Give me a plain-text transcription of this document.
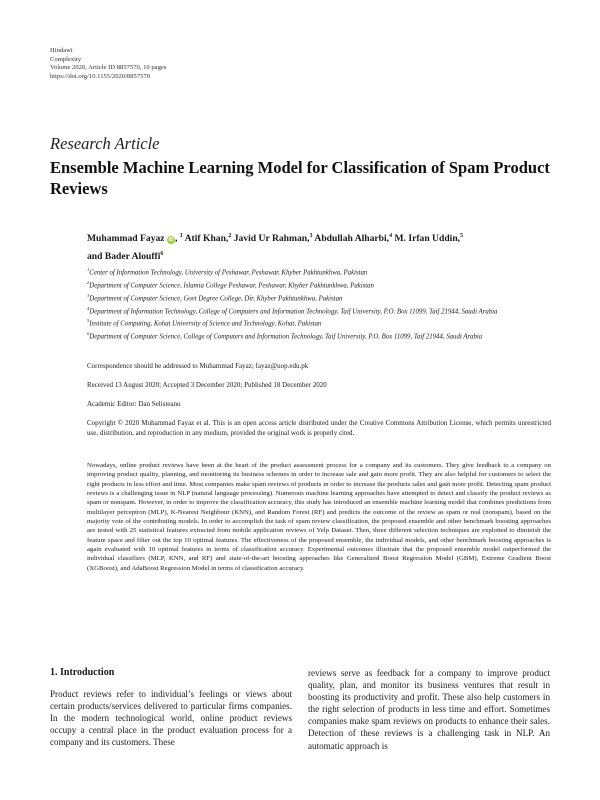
Hindawi
Complexity
Volume 2020, Article ID 8857570, 10 pages
https://doi.org/10.1155/2020/8857570
Research Article
Ensemble Machine Learning Model for Classification of Spam Product Reviews
Muhammad Fayaz iD , $^1$ Atif Khan,$^2$ Javid Ur Rahman,$^3$ Abdullah Alharbi,$^4$ M. Irfan Uddin,$^5$
and Bader Alouffi$^6$
$^1$Center of Information Technology, University of Peshawar, Peshawar, Khyber Pakhtunkhwa, Pakistan
$^2$Department of Computer Science, Islamia College Peshawar, Peshawar, Khyber Pakhtunkhwa, Pakistan
$^3$Department of Computer Science, Govt Degree College, Dir, Khyber Pakhtunkhwa, Pakistan
$^4$Department of Information Technology, College of Computers and Information Technology, Taif University, P.O. Box 11099, Taif 21944, Saudi Arabia
$^5$Institute of Computing, Kohat University of Science and Technology, Kohat, Pakistan
$^6$Department of Computer Science, College of Computers and Information Technology, Taif University, P.O. Box 11099, Taif 21944, Saudi Arabia
Correspondence should be addressed to Muhammad Fayaz; fayaz@uop.edu.pk
Received 13 August 2020; Accepted 3 December 2020; Published 18 December 2020
Academic Editor: Dan Selisteanu
Copyright © 2020 Muhammad Fayaz et al. This is an open access article distributed under the Creative Commons Attribution License, which permits unrestricted use, distribution, and reproduction in any medium, provided the original work is properly cited.
Nowadays, online product reviews have been at the heart of the product assessment process for a company and its customers. They give feedback to a company on improving product quality, planning, and monitoring its business schemes in order to increase sale and gain more profit. They are also helpful for customers to select the right products in less effort and time. Most companies make spam reviews of products in order to increase the products sales and gain more profit. Detecting spam product reviews is a challenging issue in NLP (natural language processing). Numerous machine learning approaches have attempted to detect and classify the product reviews as spam or nonspam. However, in order to improve the classification accuracy, this study has introduced an ensemble machine learning model that combines predictions from multilayer perceptron (MLP), K-Nearest Neighbour (KNN), and Random Forest (RF) and predicts the outcome of the review as spam or real (nonspam), based on the majority vote of the contributing models. In order to accomplish the task of spam review classification, the proposed ensemble and other benchmark boosting approaches are tested with 25 statistical features extracted from mobile application reviews of Yelp Dataset. Then, three different selection techniques are exploited to diminish the feature space and filter out the top 10 optimal features. The effectiveness of the proposed ensemble, the individual models, and other benchmark boosting approaches is again evaluated with 10 optimal features in terms of classification accuracy. Experimental outcomes illustrate that the proposed ensemble model outperformed the individual classifiers (MLP, KNN, and RF) and state-of-the-art boosting approaches like Generalized Boost Regression Model (GBM), Extreme Gradient Boost (XGBoost), and AdaBoost Regression Model in terms of classification accuracy.
1. Introduction
Product reviews refer to individual’s feelings or views about certain products/services delivered to particular firms companies. In the modern technological world, online product reviews occupy a central place in the product evaluation process for a company and its customers. These
reviews serve as feedback for a company to improve product quality, plan, and monitor its business ventures that result in boosting its productivity and profit. These also help customers in the right selection of products in less time and effort. Sometimes companies make spam reviews on products to enhance their sales. Detection of these reviews is a challenging task in NLP. An automatic approach is
